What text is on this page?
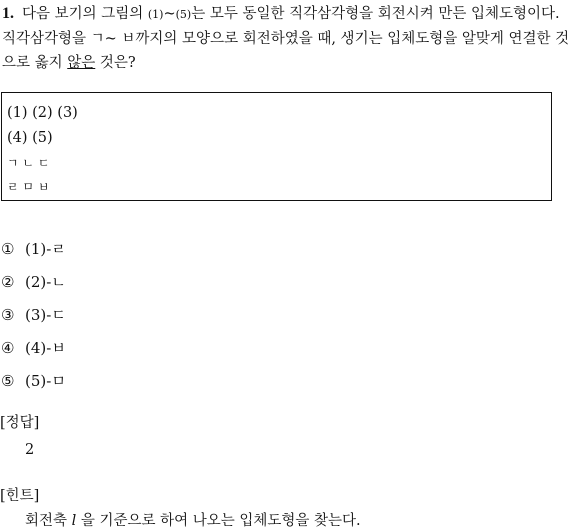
1. 다음 보기의 그림의 (1)~(5)는 모두 동일한 직각삼각형을 회전시켜 만든 입체도형이다. 직각삼각형을 ㄱ~ ㅂ까지의 모양으로 회전하였을 때, 생기는 입체도형을 알맞게 연결한 것으로 옳지 않은 것은?
(1) (2) (3)
(4) (5)
ㄱ ㄴ ㄷ
ㄹ ㅁ ㅂ
① (1)-ㄹ
② (2)-ㄴ
③ (3)-ㄷ
④ (4)-ㅂ
⑤ (5)-ㅁ
[정답]
2
[힌트]
회전축 l 을 기준으로 하여 나오는 입체도형을 찾는다.
